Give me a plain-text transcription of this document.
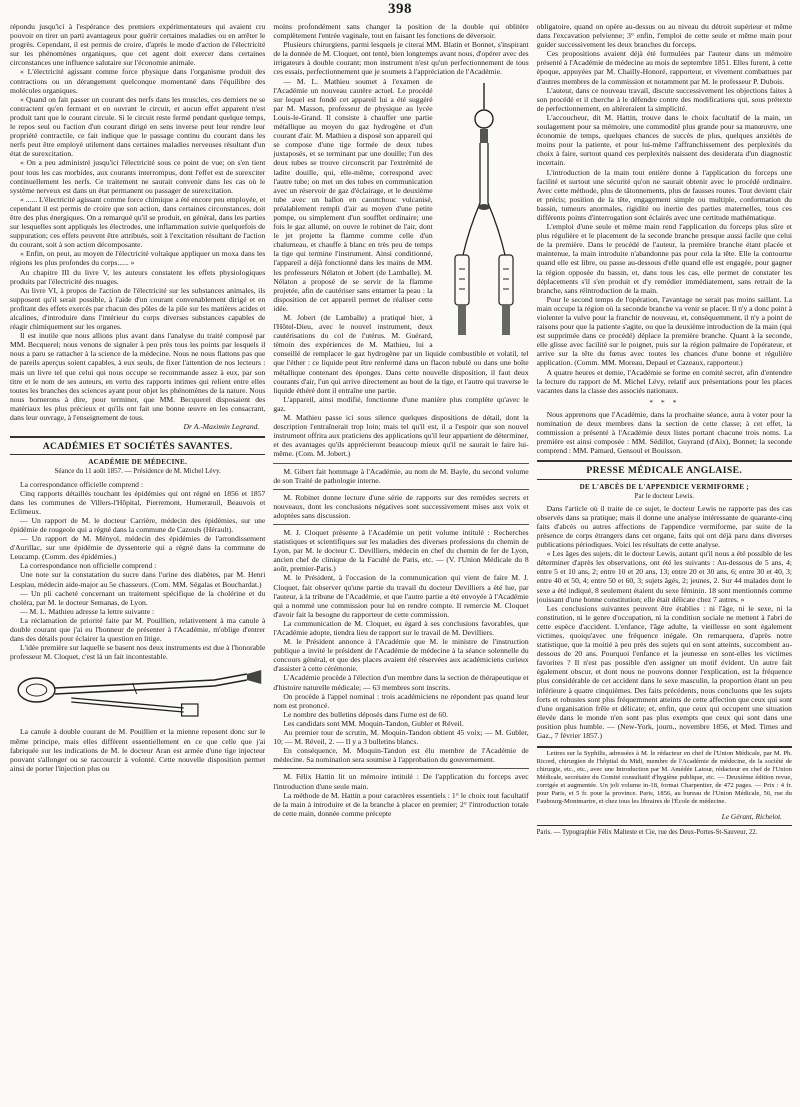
398

répondu jusqu'ici à l'espérance des premiers expérimentateurs qui avaient cru pouvoir en tirer un parti avantageux pour guérir certaines maladies ou en arrêter le progrès. Cependant, il est permis de croire, d'après le mode d'action de l'électricité sur les phénomènes organiques, que cet agent doit exercer dans certaines circonstances une influence salutaire sur l'économie animale.

« L'électricité agissant comme force physique dans l'organisme produit des contractions ou un dérangement quelconque momentané dans l'équilibre des molécules organiques.

« Quand on fait passer un courant des nerfs dans les muscles, ces derniers ne se contractent qu'en fermant et en ouvrant le circuit, et aucun effet apparent n'est produit tant que le courant circule. Si le circuit reste fermé pendant quelque temps, le repos seul ou l'action d'un courant dirigé en sens inverse peut leur rendre leur propriété contractile, ce fait indique que le passage continu du courant dans les nerfs peut être employé utilement dans certaines maladies nerveuses résultant d'un état de surexcitation.

« On a peu administré jusqu'ici l'électricité sous ce point de vue; on s'en tient pour tous les cas morbides, aux courants interrompus, dont l'effet est de surexciter continuellement les nerfs. Ce traitement ne saurait convenir dans les cas où le système nerveux est dans un état permanent ou passager de surexcitation.

« ...... L'électricité agissant comme force chimique a été encore peu employée, et cependant il est permis de croire que son action, dans certaines circonstances, doit être des plus énergiques. On a remarqué qu'il se produit, en général, dans les parties sur lesquelles sont appliqués les électrodes, une inflammation suivie quelquefois de suppuration; ces effets peuvent être attribués, soit à l'excitation résultant de l'action du courant, soit à son action décomposante.

« Enfin, on peut, au moyen de l'électricité voltaïque appliquer un moxa dans les régions les plus profondes du corps...... »

Au chapitre III du livre V, les auteurs constatent les effets physiologiques produits par l'électricité des nuages.

Au livre VI, à propos de l'action de l'électricité sur les substances animales, ils supposent qu'il serait possible, à l'aide d'un courant convenablement dirigé et en profitant des effets exercés par chacun des pôles de la pile sur les matières acides et alcalines, d'introduire dans l'intérieur du corps diverses substances capables de réagir chimiquement sur les organes.

Il est inutile que nous allions plus avant dans l'analyse du traité composé par MM. Becquerel; nous venons de signaler à peu près tous les points par lesquels il nous a paru se rattacher à la science de la médecine. Nous ne nous flattons pas que de pareils aperçus soient capables, à eux seuls, de fixer l'attention de nos lecteurs : mais un livre tel que celui qui nous occupe se recommande assez à eux, par son titre et le nom de ses auteurs, en vertu des rapports intimes qui relient entre elles toutes les branches des sciences ayant pour objet les phénomènes de la nature. Nous nous bornerons à dire, pour terminer, que MM. Becquerel disposaient des matériaux les plus précieux et qu'ils ont fait une bonne œuvre en les consacrant, dans leur ouvrage, à l'enseignement de tous.

Dr A.-Maximin Legrand.
ACADÉMIES ET SOCIÉTÉS SAVANTES.
ACADÉMIE DE MÉDECINE.
Séance du 11 août 1857. — Présidence de M. Michel Lévy.

La correspondance officielle comprend :

Cinq rapports détaillés touchant les épidémies qui ont régné en 1856 et 1857 dans les communes de Villers-l'Hôpital, Pierremont, Humeræuil, Beauvois et Eclimeux.

— Un rapport de M. le docteur Carrière, médecin des épidémies, sur une épidémie de rougeole qui a régné dans la commune de Cazouls (Hérault).

— Un rapport de M. Ményol, médecin des épidémies de l'arrondissement d'Aurillac, sur une épidémie de dyssenterie qui a régné dans la commune de Leucamp. (Comm. des épidémies.)

La correspondance non officielle comprend :

Une note sur la constatation du sucre dans l'urine des diabètes, par M. Henri Lespiau, médecin aide-major au 5e chasseurs. (Com. MM. Ségalas et Bouchardat.)

— Un pli cacheté concernant un traitement spécifique de la cholérine et du choléra, par M. le docteur Semanas, de Lyon.

— M. L. Mathieu adresse la lettre suivante :

La réclamation de priorité faite par M. Pouillien, relativement à ma canule à double courant que j'ai eu l'honneur de présenter à l'Académie, m'oblige d'entrer dans des détails pour éclairer la question en litige.

L'idée première sur laquelle se basent nos deux instruments est due à l'honorable professeur M. Cloquet, c'est là un fait incontestable.

La canule à double courant de M. Pouillien et la mienne reposent donc sur le même principe, mais elles diffèrent essentiellement en ce que celle que j'ai fabriquée sur les indications de M. le docteur Aran est armée d'une tige injecteur pouvant s'allonger ou se raccourcir à volonté. Cette nouvelle disposition permet ainsi de porter l'injection plus ou

moins profondément sans changer la position de la double qui oblitère complètement l'entrée vaginale, tout en faisant les fonctions de déversoir.

Plusieurs chirurgiens, parmi lesquels je citerai MM. Blatin et Bonnet, s'inspirant de la donnée de M. Cloquet, ont tenté, bien longtemps avant nous, d'opérer avec des irrigateurs à double courant; mon instrument n'est qu'un perfectionnement de tous ces essais, perfectionnement que je soumets à l'appréciation de l'Académie.

— M. L. Mathieu soumet à l'examen de l'Académie un nouveau cautère actuel. Le procédé sur lequel est fondé cet appareil lui a été suggéré par M. Masson, professeur de physique au lycée Louis-le-Grand. Il consiste à chauffer une partie métallique au moyen du gaz hydrogène et d'un courant d'air. M. Mathieu a disposé son appareil qui se compose d'une tige formée de deux tubes juxtaposés, et se terminant par une douille; l'un des deux tubes se trouve circonscrit par l'extrémité de ladite douille, qui, elle-même, correspond avec l'autre tube; on met un des tubes en communication avec un réservoir de gaz d'éclairage, et le deuxième tube avec un ballon en caoutchouc vulcanisé, préalablement rempli d'air au moyen d'une petite pompe, ou simplement d'un soufflet ordinaire; une fois le gaz allumé, on ouvre le robinet de l'air, dont le jet projette la flamme comme celle d'un chalumeau, et chauffe à blanc en très peu de temps la tige qui termine l'instrument. Ainsi conditionné, l'appareil a déjà fonctionné dans les mains de MM. les professeurs Nélaton et Jobert (de Lamballe). M. Nélaton a proposé de se servir de la flamme projetée, afin de cautériser sans entamer la peau : la disposition de cet appareil permet de réaliser cette idée.

M. Jobert (de Lamballe) a pratiqué hier, à l'Hôtel-Dieu, avec le nouvel instrument, deux cautérisations du col de l'utérus. M. Guérard, témoin des expériences de M. Mathieu, lui a conseillé de remplacer le gaz hydrogène par un liquide combustible et volatil, tel que l'éther : ce liquide peut être renfermé dans un flacon tubulé ou dans une boîte métallique contenant des éponges. Dans cette nouvelle disposition, il faut deux courants d'air, l'un qui arrive directement au bout de la tige, et l'autre qui traverse le liquide éthéré dont il entraîne une partie.

L'appareil, ainsi modifié, fonctionne d'une manière plus complète qu'avec le gaz.

M. Mathieu passe ici sous silence quelques dispositions de détail, dont la description l'entraînerait trop loin; mais tel qu'il est, il a l'espoir que son nouvel instrument offrira aux praticiens des applications qu'il leur appartient de déterminer, et des avantages qu'ils apprécieront beaucoup mieux qu'il ne saurait le faire lui-même. (Com. M. Jobert.)

M. Gibert fait hommage à l'Académie, au nom de M. Bayle, du second volume de son Traité de pathologie interne.

M. Robinet donne lecture d'une série de rapports sur des remèdes secrets et nouveaux, dont les conclusions négatives sont successivement mises aux voix et adoptées sans discussion.

M. J. Cloquet présente à l'Académie un petit volume intitulé : Recherches statistiques et scientifiques sur les maladies des diverses professions du chemin de Lyon, par M. le docteur C. Devilliers, médecin en chef du chemin de fer de Lyon, ancien chef de clinique de la Faculté de Paris, etc. — (V. l'Union Médicale du 8 août, premier-Paris.)

M. le Président, à l'occasion de la communication qui vient de faire M. J. Cloquet, fait observer qu'une partie du travail du docteur Devilliers a été lue, par l'auteur, à la tribune de l'Académie, et que l'autre partie a été envoyée à l'Académie qui a nommé une commission pour lui en rendre compte. Il remercie M. Cloquet d'avoir fait la besogne du rapporteur de cette commission.

La communication de M. Cloquet, eu égard à ses conclusions favorables, que l'Académie adopte, tiendra lieu de rapport sur le travail de M. Devilliers.

M. le Président annonce à l'Académie que M. le ministre de l'instruction publique a invité le président de l'Académie de médecine à la séance solennelle du concours général, et que des places avaient été réservées aux académiciens curieux d'assister à cette cérémonie.

L'Académie procède à l'élection d'un membre dans la section de thérapeutique et d'histoire naturelle médicale; — 63 membres sont inscrits.

On procède à l'appel nominal : trois académiciens ne répondent pas quand leur nom est prononcé.

Le nombre des bulletins déposés dans l'urne est de 60.

Les candidats sont MM. Moquin-Tandon, Gubler et Réveil.

Au premier tour de scrutin, M. Moquin-Tandon obtient 45 voix; — M. Gubler, 10; — M. Réveil, 2. — Il y a 3 bulletins blancs.

En conséquence, M. Moquin-Tandon est élu membre de l'Académie de médecine. Sa nomination sera soumise à l'approbation du gouvernement.

M. Félix Hattin lit un mémoire intitulé : De l'application du forceps avec l'introduction d'une seule main.

La méthode de M. Hattin a pour caractères essentiels : 1° le choix tout facultatif de la main à introduire et de la branche à placer en premier; 2° l'introduction totale de cette main, donnée comme précepte

obligatoire, quand on opère au-dessus ou au niveau du détroit supérieur et même dans l'excavation pelvienne; 3° enfin, l'emploi de cette seule et même main pour guider successivement les deux branches du forceps.

Ces propositions avaient déjà été formulées par l'auteur dans un mémoire présenté à l'Académie de médecine au mois de septembre 1851. Elles furent, à cette époque, appuyées par M. Chailly-Honoré, rapporteur, et vivement combattues par d'autres membres de la commission et notamment par M. le professeur P. Dubois.

L'auteur, dans ce nouveau travail, discute successivement les objections faites à son procédé et il cherche à le défendre contre des modifications qui, sous prétexte de perfectionnement, en altéreraient la simplicité.

L'accoucheur, dit M. Hattin, trouve dans le choix facultatif de la main, un soulagement pour sa mémoire, une commodité plus grande pour sa manœuvre, une économie de temps, quelques chances de succès de plus, quelques anxiétés de moins pour la patiente, et pour lui-même l'affranchissement des perplexités du choix à faire, surtout quand ces perplexités naissent des desiderata d'un diagnostic incertain.

L'introduction de la main tout entière donne à l'application du forceps une facilité et surtout une sécurité qu'on ne saurait obtenir avec le procédé ordinaire. Avec cette méthode, plus de tâtonnements, plus de fausses routes. Tout devient clair et précis; position de la tête, engagement simple ou multiple, conformation du bassin, tumeurs anormales, rigidité ou inertie des parties maternelles, tous ces différents points d'interrogation sont éclairés avec une certitude mathématique.

L'emploi d'une seule et même main rend l'application du forceps plus sûre et plus régulière et le placement de la seconde branche presque aussi facile que celui de la première. Dans le procédé de l'auteur, la première branche étant placée et maintenue, la main introduite n'abandonne pas pour cela la tête. Elle la contourne quand elle est libre, ou passe au-dessous d'elle quand elle est engagée, pour gagner la région opposée du bassin, et, dans tous les cas, elle permet de constater les déplacements s'il s'en produit et d'y remédier immédiatement, sans retrait de la branche, sans réintroduction de la main.

Pour le second temps de l'opération, l'avantage ne serait pas moins saillant. La main occupe la région où la seconde branche va venir se placer. Il n'y a donc point à violenter la vulve pour la franchir de nouveau, et, conséquemment, il n'y a point de raisons pour que la patiente s'agite, ou que la deuxième introduction de la main (qui est supprimée dans ce procédé) déplace la première branche. Quant à la seconde, elle glisse avec facilité sur le poignet, puis sur la région palmaire de l'opérateur, et arrive sur la tête du fœtus avec toutes les chances d'une bonne et régulière application. (Comm. MM. Moreau, Depaul et Cazeaux, rapporteur.)

A quatre heures et demie, l'Académie se forme en comité secret, afin d'entendre la lecture du rapport de M. Michel Lévy, relatif aux présentations pour les places vacantes dans la classe des associés nationaux.

* * *

Nous apprenons que l'Académie, dans la prochaine séance, aura à voter pour la nomination de deux membres dans la section de cette classe; à cet effet, la commission a présenté à l'Académie deux listes portant chacune trois noms. La première est ainsi composée : MM. Sédillot, Guyrand (d'Aix), Bonnet; la seconde comprend : MM. Pamard, Gensoul et Bouisson.

PRESSE MÉDICALE ANGLAISE.
DE L'ABCÈS DE L'APPENDICE VERMIFORME ;
Par le docteur Lewis.

Dans l'article où il traite de ce sujet, le docteur Lewis ne rapporte pas des cas observés dans sa pratique; mais il donne une analyse intéressante de quarante-cinq faits d'abcès ou autres affections de l'appendice vermiforme, par suite de la présence de corps étrangers dans cet organe, faits qui ont déjà paru dans diverses publications périodiques. Voici les résultats de cette analyse.

« Les âges des sujets, dit le docteur Lewis, autant qu'il nous a été possible de les déterminer d'après les observations, ont été les suivants : Au-dessous de 5 ans, 4; entre 5 et 10 ans, 2; entre 10 et 20 ans, 13; entre 20 et 30 ans, 6; entre 30 et 40, 3; entre 40 et 50, 4; entre 50 et 60, 3; sujets âgés, 2; jeunes, 2. Sur 44 malades dont le sexe a été indiqué, 8 seulement étaient du sexe féminin. 18 sont mentionnés comme jouissant d'une bonne constitution; elle était délicate chez 7 autres. »

Les conclusions suivantes peuvent être établies : ni l'âge, ni le sexe, ni la constitution, ni le genre d'occupation, ni la condition sociale ne mettent à l'abri de cette espèce d'accident. L'enfance, l'âge adulte, la vieillesse en sont également victimes, quoiqu'avec une fréquence inégale. On remarquera, d'après notre statistique, que la moitié à peu près des sujets qui en sont atteints, succombent au-dessous de 20 ans. Pourquoi l'enfance et la jeunesse en sont-elles les victimes favorites ? Il n'est pas possible d'en assigner un motif évident. Un autre fait également obscur, et dont nous ne pouvons donner l'explication, est la fréquence plus considérable de cet accident dans le sexe masculin, la proportion étant un peu inférieure à quatre cinquièmes. Des faits précédents, nous concluons que les sujets forts et robustes sont plus fréquemment atteints de cette affection que ceux qui sont d'une organisation frêle et délicate; et, enfin, que ceux qui occupent une situation élevée dans le monde n'en sont pas plus exempts que ceux qui sont dans une position plus humble. — (New-York, journ., novembre 1856, et Med. Times and Gaz., 7 février 1857.)

Lettres sur la Syphilis, adressées à M. le rédacteur en chef de l'Union Médicale, par M. Ph. Ricord, chirurgien de l'hôpital du Midi, membre de l'Académie de médecine, de la société de chirurgie, etc., etc., avec une Introduction par M. Amédée Latour, rédacteur en chef de l'Union Médicale, secrétaire du Comité consultatif d'hygiène publique, etc. — Deuxième édition revue, corrigée et augmentée. Un joli volume in-18, format Charpentier, de 472 pages. — Prix : 4 fr. pour Paris, et 5 fr. pour la province. Paris, 1856, au bureau de l'Union Médicale, 56, rue du Faubourg-Montmartre, et chez tous les libraires de l'École de médecine.

Le Gérant, Richelot.
Paris. — Typographie Félix Malteste et Cie, rue des Deux-Portes-St-Sauveur, 22.
